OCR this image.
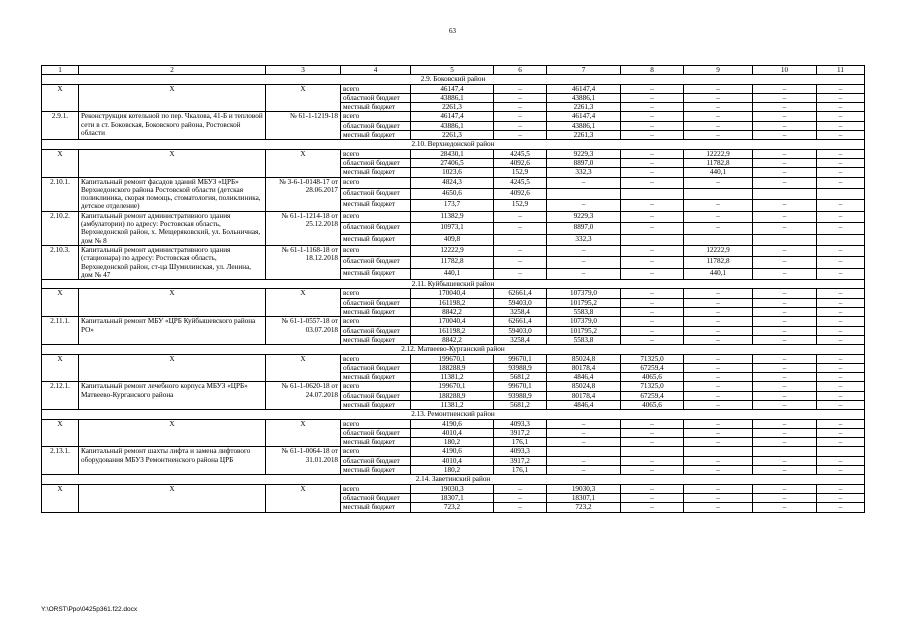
63
1	2	3	4	5	6	7	8	9	10	11
2.9. Боковский район										
X	X	X	всего	46147,4	–	46147,4	–	–	–	–
			областной бюджет	43886,1	–	43886,1	–	–	–	–
			местный бюджет	2261,3	–	2261,3	–	–	–	–
2.9.1.	Реконструкция котельной по пер. Чкалова, 41-Б и тепловой сети в ст. Боковская, Боковского района, Ростовской области	№ 61-1-1219-18	всего	46147,4	–	46147,4	–	–	–	–
			областной бюджет	43886,1	–	43886,1	–	–	–	–
			местный бюджет	2261,3	–	2261,3	–	–	–	–
2.10. Верхнедонской район										
X	X	X	всего	28430,1	4245,5	9229,3	–	12222,9	–	–
			областной бюджет	27406,5	4092,6	8897,0	–	11782,8	–	–
			местный бюджет	1023,6	152,9	332,3	–	440,1	–	–
2.10.1.	Капитальный ремонт фасадов зданий МБУЗ «ЦРБ» Верхнедонского района Ростовской области (детская поликлиника, скорая помощь, стоматология, поликлиника, детское отделение)	№ 3-6-1-0148-17 от 28.06.2017	всего	4824,3	4245,5	–	–	–	–	–
			областной бюджет	4650,6	4092,6					
			местный бюджет	173,7	152,9	–	–	–	–	–
2.10.2.	Капитальный ремонт административного здания (амбулатории) по адресу: Ростовская область, Верхнедонской район, х. Мещеряковский, ул. Больничная, дом № 8	№ 61-1-1214-18 от 25.12.2018	всего	11382,9	–	9229,3	–	–	–	–
			областной бюджет	10973,1	–	8897,0	–	–	–	–
			местный бюджет	409,8		332,3				
2.10.3.	Капитальный ремонт административного здания (стационара) по адресу: Ростовская область, Верхнедонской район, ст-ца Шумилинская, ул. Ленина, дом № 47	№ 61-1-1168-18 от 18.12.2018	всего	12222,9	–	–	–	12222,9	–	–
			областной бюджет	11782,8	–	–	–	11782,8	–	–
			местный бюджет	440,1	–	–	–	440,1	–	–
2.11. Куйбышевский район										
X	X	X	всего	170040,4	62661,4	107379,0	–	–	–	–
			областной бюджет	161198,2	59403,0	101795,2	–	–	–	–
			местный бюджет	8842,2	3258,4	5583,8	–	–	–	–
2.11.1.	Капитальный ремонт МБУ «ЦРБ Куйбышевского района РО»	№ 61-1-0557-18 от 03.07.2018	всего	170040,4	62661,4	107379,0	–	–	–	–
			областной бюджет	161198,2	59403,0	101795,2	–	–	–	–
			местный бюджет	8842,2	3258,4	5583,8	–	–	–	–
2.12. Матвеево-Курганский район										
X	X	X	всего	199670,1	99670,1	85024,8	71325,0	–	–	–
			областной бюджет	188288,9	93988,9	80178,4	67259,4	–	–	–
			местный бюджет	11381,2	5681,2	4846,4	4065,6	–	–	–
2.12.1.	Капитальный ремонт лечебного корпуса МБУЗ «ЦРБ» Матвеево-Курганского района	№ 61-1-0620-18 от 24.07.2018	всего	199670,1	99670,1	85024,8	71325,0	–	–	–
			областной бюджет	188288,9	93988,9	80178,4	67259,4	–	–	–
			местный бюджет	11381,2	5681,2	4846,4	4065,6	–	–	–
2.13. Ремонтненский район										
X	X	X	всего	4190,6	4093,3	–	–	–	–	–
			областной бюджет	4010,4	3917,2	–	–	–	–	–
			местный бюджет	180,2	176,1	–	–	–	–	–
2.13.1.	Капитальный ремонт шахты лифта и замена лифтового оборудования МБУЗ Ремонтненского района ЦРБ	№ 61-1-0064-18 от 31.01.2018	всего	4190,6	4093,3					
			областной бюджет	4010,4	3917,2	–	–	–	–	–
			местный бюджет	180,2	176,1	–	–	–	–	–
2.14. Заветинский район										
X	X	X	всего	19030,3	–	19030,3	–	–	–	–
			областной бюджет	18307,1	–	18307,1	–	–	–	–
			местный бюджет	723,2	–	723,2	–	–	–	–
Y:\ORST\Ppo\0425p361.f22.docx
